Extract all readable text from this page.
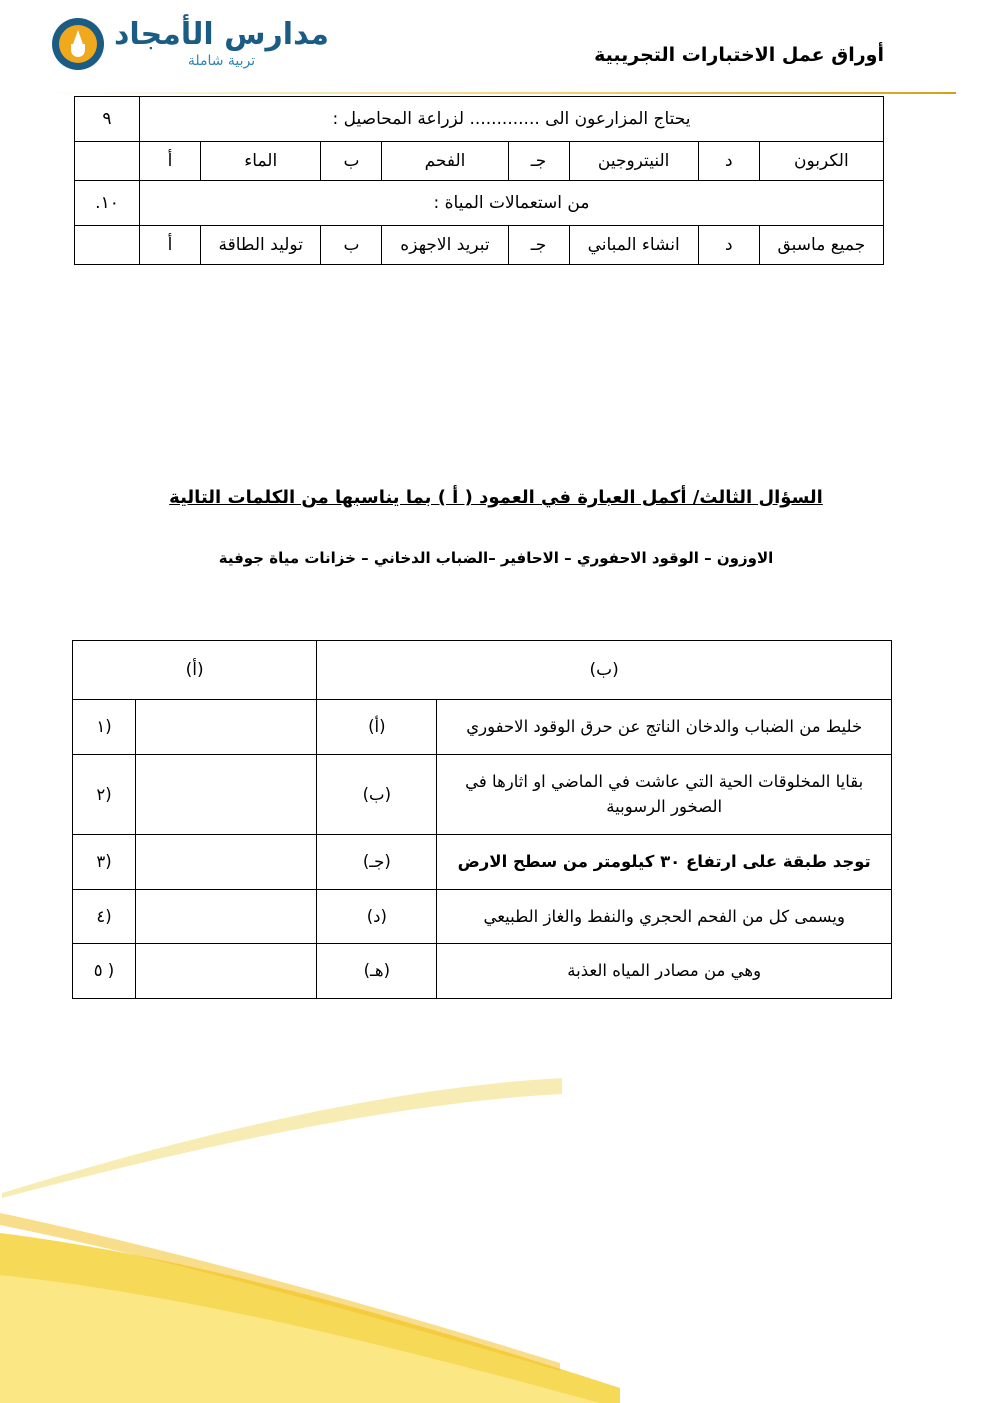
مدارس الأمجاد
تربية شاملة	أوراق عمل الاختبارات التجريبية
يحتاج المزارعون الى ............. لزراعة المحاصيل :								٩
الكربون	د	النيتروجين	جـ	الفحم	ب	الماء	أ	
من استعمالات المياة :								١٠.
جميع ماسبق	د	انشاء المباني	جـ	تبريد الاجهزه	ب	توليد الطاقة	أ	
السؤال الثالث/ أكمل العبارة في العمود ( أ ) بما يناسبها من الكلمات التالية
الاوزون – الوقود الاحفوري – الاحافير –الضباب الدخاني – خزانات مياة جوفية
(ب)		(أ)	
خليط من الضباب والدخان الناتج عن حرق الوقود الاحفوري	(أ)		(١
بقايا المخلوقات الحية التي عاشت في الماضي او اثارها في الصخور الرسوبية	(ب)		(٢
توجد طبقة على ارتفاع ٣٠ كيلومتر من سطح الارض	(جـ)		(٣
ويسمى كل من الفحم الحجري والنفط والغاز الطبيعي	(د)		(٤
وهي من مصادر المياه العذبة	(هـ)		( ٥
